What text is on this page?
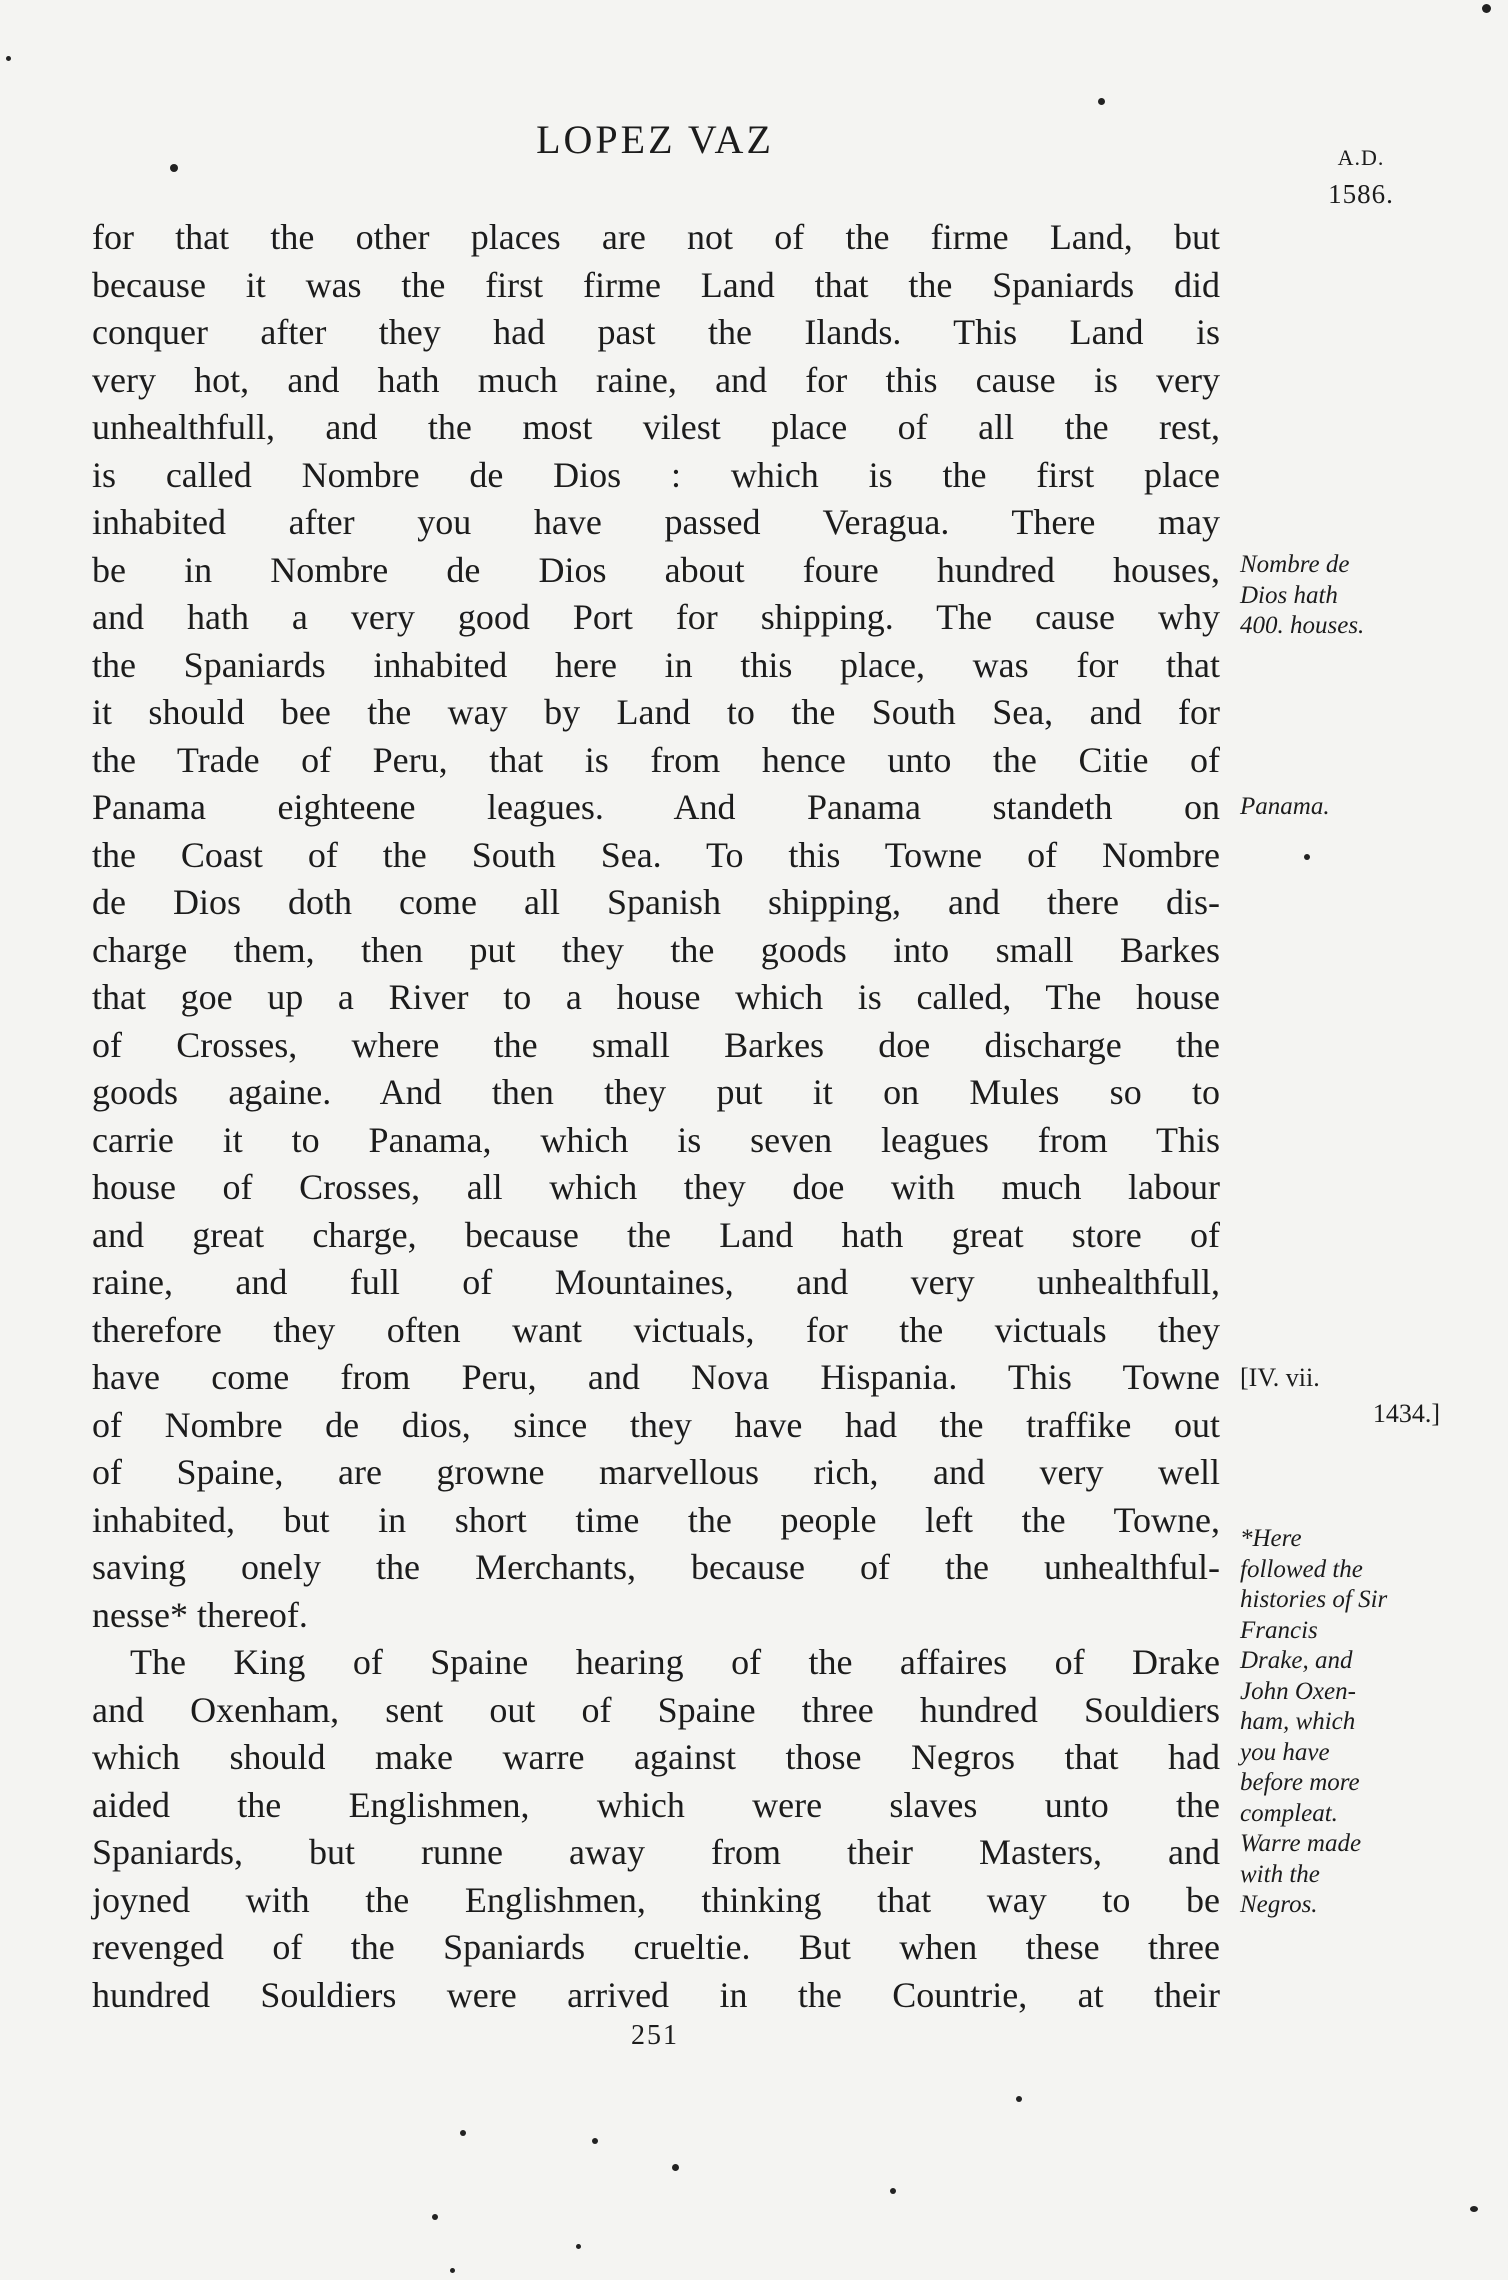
LOPEZ VAZ	A.D.
1586.
for that the other places are not of the firme Land, but
because it was the first firme Land that the Spaniards did
conquer after they had past the Ilands. This Land is
very hot, and hath much raine, and for this cause is very
unhealthfull, and the most vilest place of all the rest,
is called Nombre de Dios : which is the first place
inhabited after you have passed Veragua. There may
be in Nombre de Dios about foure hundred houses,
and hath a very good Port for shipping. The cause why
the Spaniards inhabited here in this place, was for that
it should bee the way by Land to the South Sea, and for
the Trade of Peru, that is from hence unto the Citie of
Panama eighteene leagues. And Panama standeth on
the Coast of the South Sea. To this Towne of Nombre
de Dios doth come all Spanish shipping, and there dis-
charge them, then put they the goods into small Barkes
that goe up a River to a house which is called, The house
of Crosses, where the small Barkes doe discharge the
goods againe. And then they put it on Mules so to
carrie it to Panama, which is seven leagues from This
house of Crosses, all which they doe with much labour
and great charge, because the Land hath great store of
raine, and full of Mountaines, and very unhealthfull,
therefore they often want victuals, for the victuals they
have come from Peru, and Nova Hispania. This Towne
of Nombre de dios, since they have had the traffike out
of Spaine, are growne marvellous rich, and very well
inhabited, but in short time the people left the Towne,
saving onely the Merchants, because of the unhealthful-
nesse* thereof.
The King of Spaine hearing of the affaires of Drake
and Oxenham, sent out of Spaine three hundred Souldiers
which should make warre against those Negros that had
aided the Englishmen, which were slaves unto the
Spaniards, but runne away from their Masters, and
joyned with the Englishmen, thinking that way to be
revenged of the Spaniards crueltie. But when these three
hundred Souldiers were arrived in the Countrie, at their
Nombre de
Dios hath
400. houses.
Panama.
[IV. vii.
1434.]
*Here
followed the
histories of Sir
Francis
Drake, and
John Oxen-
ham, which
you have
before more
compleat.
Warre made
with the
Negros.
251
